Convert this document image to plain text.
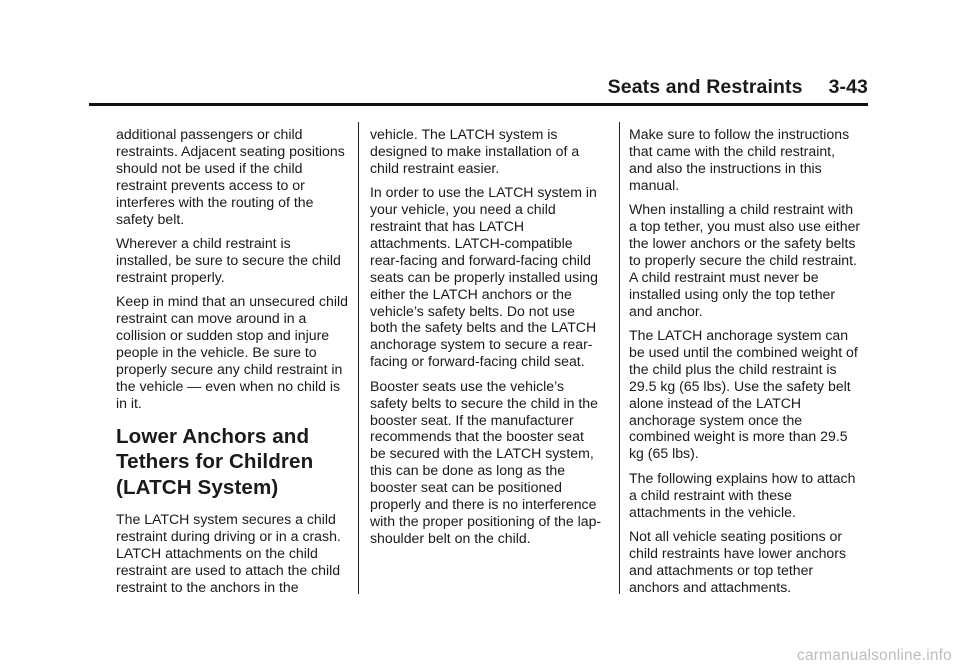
Seats and Restraints 3-43

additional passengers or child restraints. Adjacent seating positions should not be used if the child restraint prevents access to or interferes with the routing of the safety belt.

Wherever a child restraint is installed, be sure to secure the child restraint properly.

Keep in mind that an unsecured child restraint can move around in a collision or sudden stop and injure people in the vehicle. Be sure to properly secure any child restraint in the vehicle — even when no child is in it.

Lower Anchors and Tethers for Children (LATCH System)

The LATCH system secures a child restraint during driving or in a crash. LATCH attachments on the child restraint are used to attach the child restraint to the anchors in the

vehicle. The LATCH system is designed to make installation of a child restraint easier.

In order to use the LATCH system in your vehicle, you need a child restraint that has LATCH attachments. LATCH-compatible rear-facing and forward-facing child seats can be properly installed using either the LATCH anchors or the vehicle’s safety belts. Do not use both the safety belts and the LATCH anchorage system to secure a rear-facing or forward-facing child seat.

Booster seats use the vehicle’s safety belts to secure the child in the booster seat. If the manufacturer recommends that the booster seat be secured with the LATCH system, this can be done as long as the booster seat can be positioned properly and there is no interference with the proper positioning of the lap-shoulder belt on the child.

Make sure to follow the instructions that came with the child restraint, and also the instructions in this manual.

When installing a child restraint with a top tether, you must also use either the lower anchors or the safety belts to properly secure the child restraint. A child restraint must never be installed using only the top tether and anchor.

The LATCH anchorage system can be used until the combined weight of the child plus the child restraint is 29.5 kg (65 lbs). Use the safety belt alone instead of the LATCH anchorage system once the combined weight is more than 29.5 kg (65 lbs).

The following explains how to attach a child restraint with these attachments in the vehicle.

Not all vehicle seating positions or child restraints have lower anchors and attachments or top tether anchors and attachments.

carmanualsonline.info
